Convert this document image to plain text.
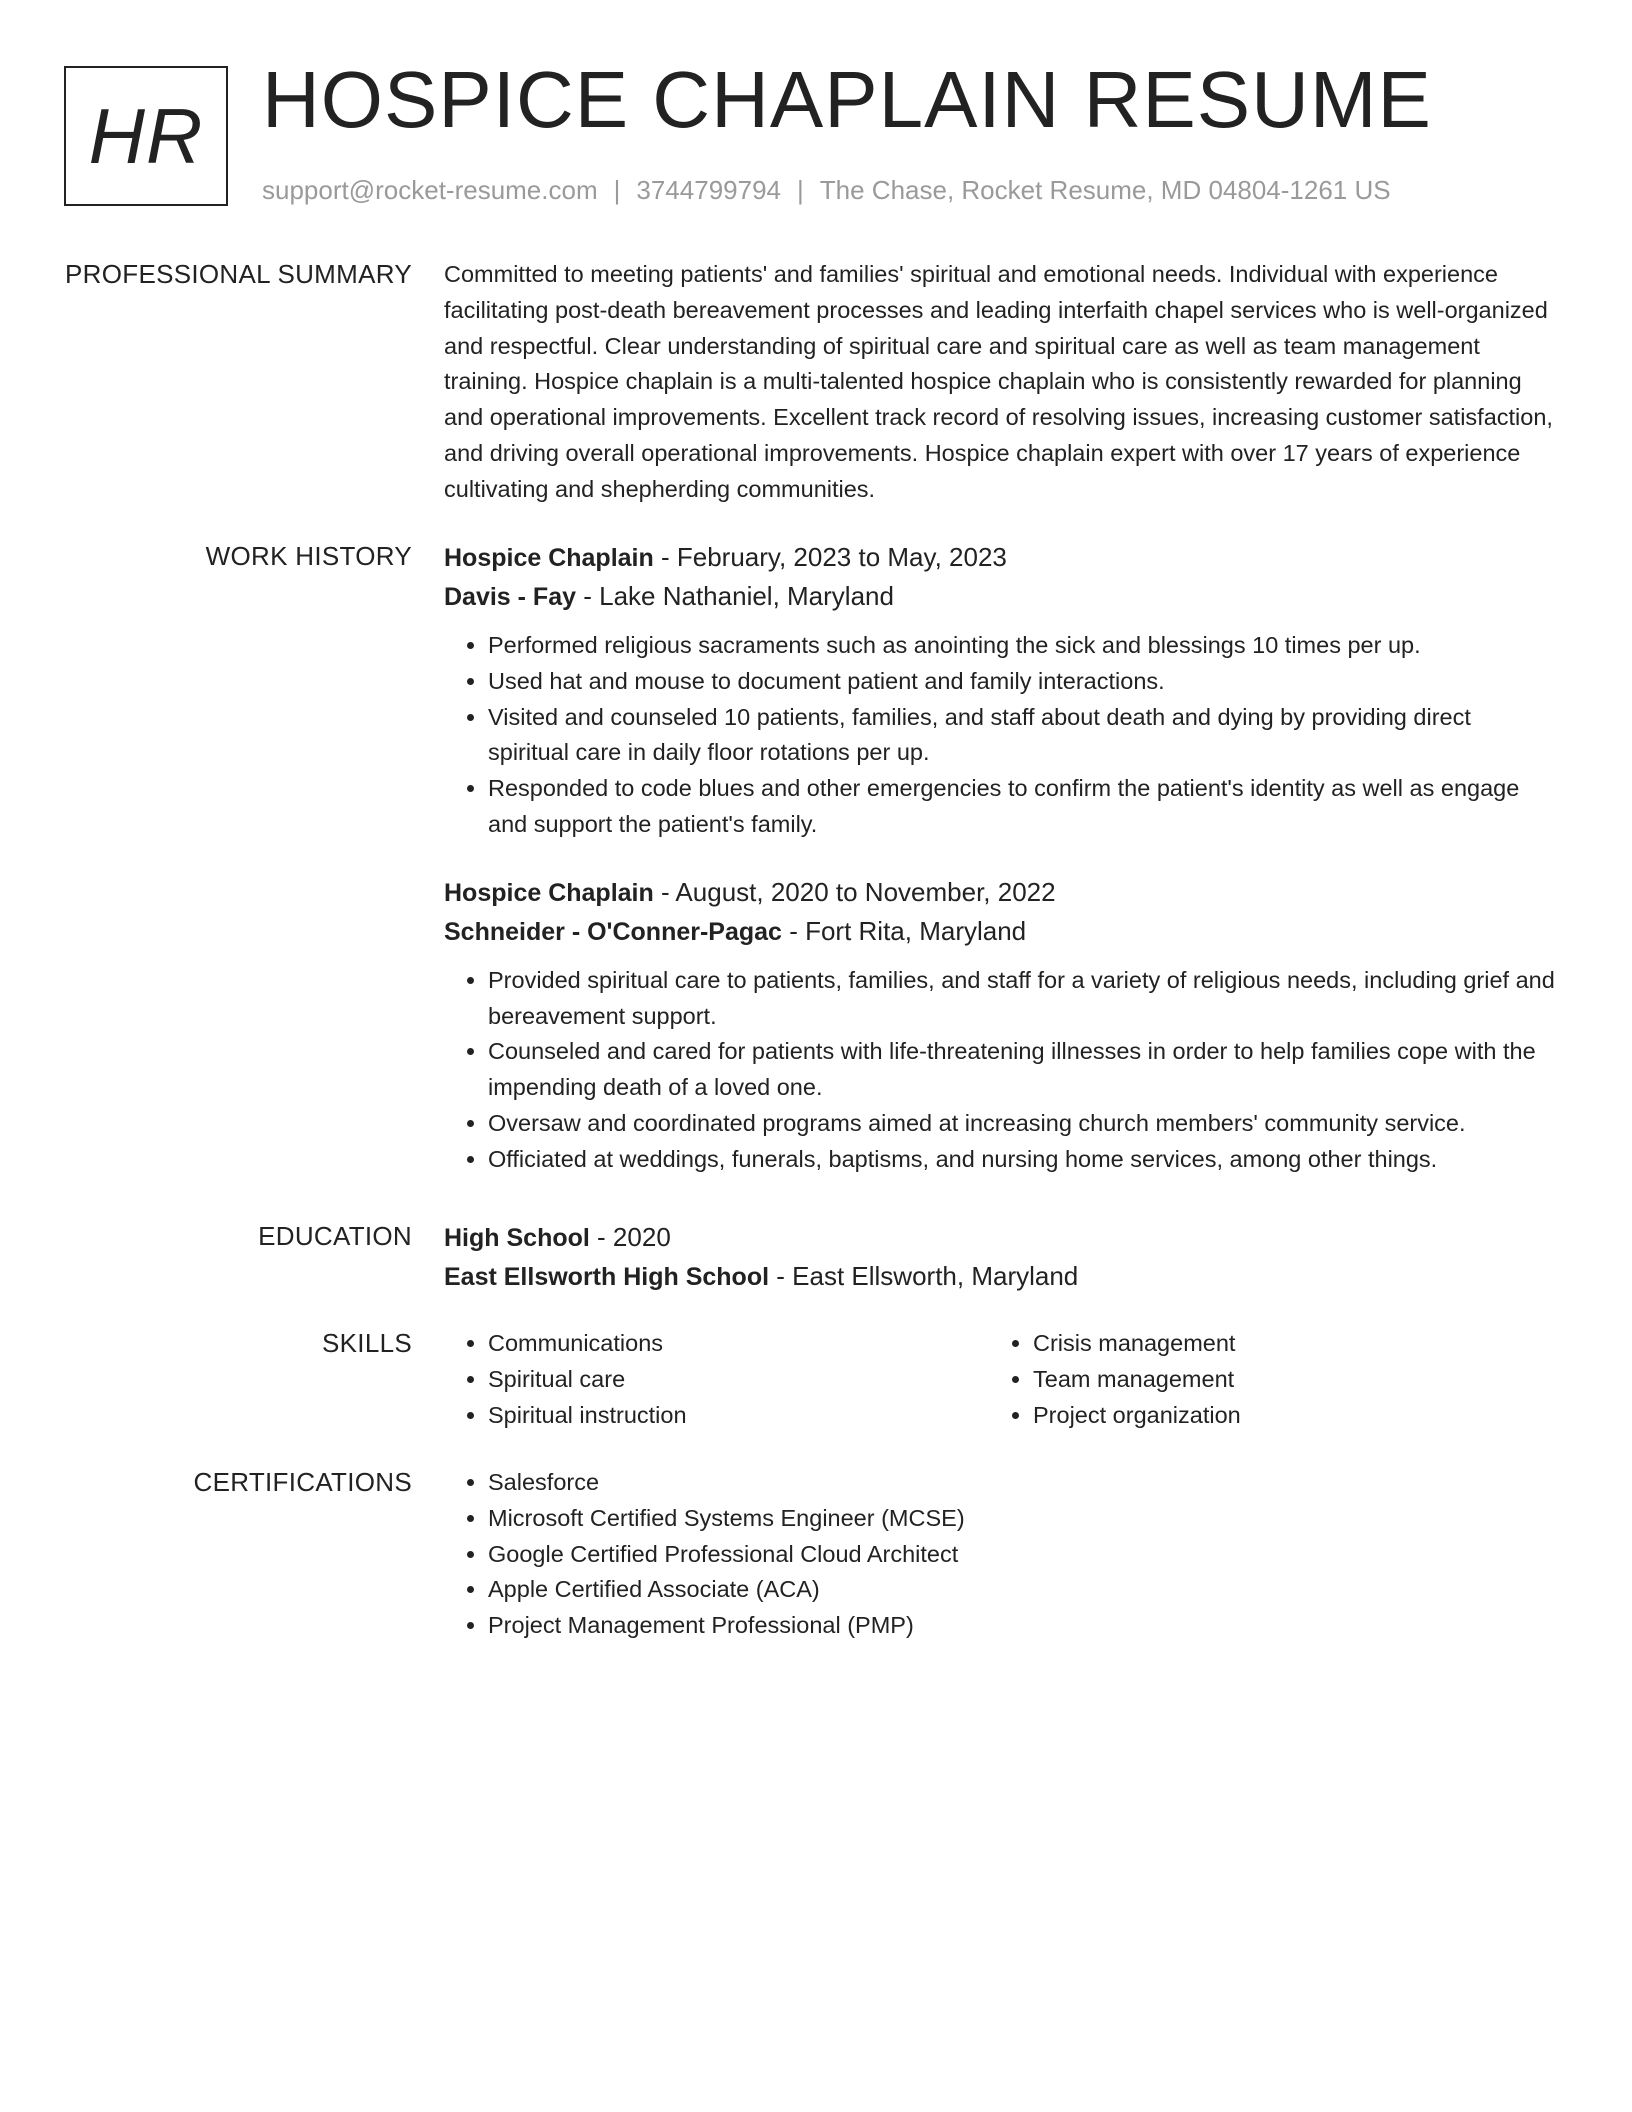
HR HOSPICE CHAPLAIN RESUME
support@rocket-resume.com | 3744799794 | The Chase, Rocket Resume, MD 04804-1261 US
PROFESSIONAL SUMMARY Committed to meeting patients' and families' spiritual and emotional needs. Individual with experience facilitating post-death bereavement processes and leading interfaith chapel services who is well-organized and respectful. Clear understanding of spiritual care and spiritual care as well as team management training. Hospice chaplain is a multi-talented hospice chaplain who is consistently rewarded for planning and operational improvements. Excellent track record of resolving issues, increasing customer satisfaction, and driving overall operational improvements. Hospice chaplain expert with over 17 years of experience cultivating and shepherding communities.

WORK HISTORY Hospice Chaplain - February, 2023 to May, 2023
Davis - Fay - Lake Nathaniel, Maryland
• Performed religious sacraments such as anointing the sick and blessings 10 times per up.
• Used hat and mouse to document patient and family interactions.
• Visited and counseled 10 patients, families, and staff about death and dying by providing direct spiritual care in daily floor rotations per up.
• Responded to code blues and other emergencies to confirm the patient's identity as well as engage and support the patient's family.
Hospice Chaplain - August, 2020 to November, 2022
Schneider - O'Conner-Pagac - Fort Rita, Maryland
• Provided spiritual care to patients, families, and staff for a variety of religious needs, including grief and bereavement support.
• Counseled and cared for patients with life-threatening illnesses in order to help families cope with the impending death of a loved one.
• Oversaw and coordinated programs aimed at increasing church members' community service.
• Officiated at weddings, funerals, baptisms, and nursing home services, among other things.
EDUCATION High School - 2020
East Ellsworth High School - East Ellsworth, Maryland
SKILLS	• Communications
• Spiritual care
• Spiritual instruction
• Crisis management
• Team management
• Project organization
CERTIFICATIONS	• Salesforce
• Microsoft Certified Systems Engineer (MCSE)
• Google Certified Professional Cloud Architect
• Apple Certified Associate (ACA)
• Project Management Professional (PMP)
